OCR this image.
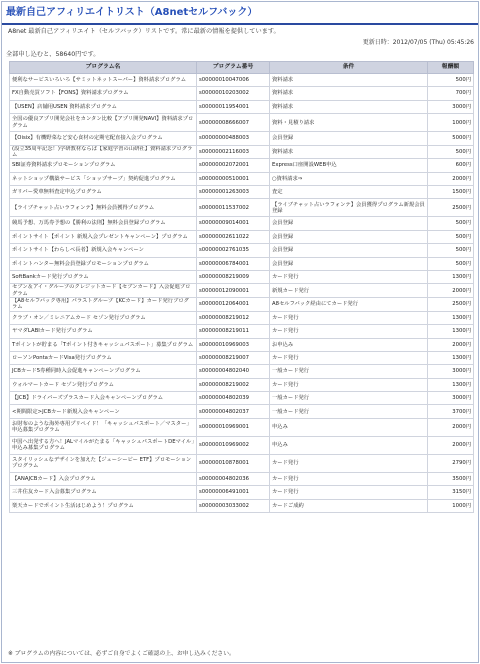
最新自己アフィリエイトリスト（A8netセルフバック）
A8net 最新自己アフィリエイト（セルフバック）リストです。常に最新の情報を提供しています。
更新日時：2012/07/05 (Thu) 05:45:26
全部申し込むと、58640円です。
プログラム名	プログラム番号	条件	報酬額
便利なサービスいろいろ【サミットネットスーパー】資料請求プログラム	s00000010047006	資料請求	500円
FX自動売買ソフト【FONS】資料請求プログラム	s00000010203002	資料請求	700円
【USEN】店舗用USEN 資料請求プログラム	s00000011954001	資料請求	3000円
全国の優良アプリ開発会社をカンタン比較【アプリ開発NAVI】資料請求プログラム	s00000008666007	資料・見積り請求	1000円
【Oisix】有機野菜など安心食材の定期宅配直接入会プログラム	s00000000488003	会員登録	5000円
(設立35周年記念！)学研教材ならば【家庭学習の山研社】資料請求プログラム	s00000002116003	資料請求	500円
SBI証券資料請求プロモーションプログラム	s00000002072001	Express口座開設WEB申込	600円
ネットショップ構築サービス「ショップサーブ」契約促進プログラム	s00000000510001	○資料請求⇒	2000円
ガリバー愛車無料査定申込プログラム	s00000001263003	査定	1500円
【ライブチャット占いラフォンテ】無料会員獲得プログラム	s00000011537002	【ライブチャット占いラフォンテ】会員獲得プログラム新規会員登録	2500円
競馬予想、万馬券予想の【勝利の法則】無料会員登録プログラム	s00000009014001	会員登録	500円
ポイントサイト【ポイント 新規入会プレゼントキャンペーン】プログラム	s00000002611022	会員登録	500円
ポイントサイト【わらしべ長者】新規入会キャンペーン	s00000002761035	会員登録	500円
ポイントハンター無料会員登録プロモーションプログラム	s00000006784001	会員登録	500円
SoftBankカード発行プログラム	s00000008219009	カード発行	1300円
セブン＆アイ・グループのクレジットカード【セブンカード】入会促進プログラム	s00000012090001	新規カード発行	2000円
【A8セルフバック専用】パラストグループ【KCカード】カード発行プログラム	s00000012064001	A8セルフバック経由にてカード発行	2500円
クラブ・オン／ミレニアムカード セゾン発行プログラム	s00000008219012	カード発行	1300円
ヤマダLABIカード発行プログラム	s00000008219011	カード発行	1300円
Tポイントが貯まる「Tポイント付きキャッシュパスポート」募集プログラム	s00000010969003	お申込み	2000円
ローソンPontaカードVisa発行プログラム	s00000008219007	カード発行	1300円
JCBカード5券種同時入会促進キャンペーンプログラム	s00000004802040	一般カード発行	3000円
ウォルマートカード セゾン発行プログラム	s00000008219002	カード発行	1300円
【JCB】ドライバーズプラスカード入会キャンペーンプログラム	s00000004802039	一般カード発行	3000円
<期間限定>JCBカード新規入会キャンペーン	s00000004802037	一般カード発行	3700円
お財布のような海外専用プリペイド！「キャッシュパスポート／マスター」申込募集プログラム	s00000010969001	申込み	2000円
中国へ出発する方へ！JALマイルがたまる「キャッシュパスポートDEマイル」申込み募集プログラム	s00000010969002	申込み	2000円
スタイリッシュなデザインを加えた【ジェーシービー ETF】プロモーションプログラム	s00000010878001	カード発行	2790円
【ANAJCBカード】入会プログラム	s00000004802036	カード発行	3500円
三井住友カード入会募集プログラム	s00000006491001	カード発行	3150円
楽天カードでポイント生活はじめよう！プログラム	s00000003033002	カードご成約	1000円
※ プログラムの内容については、必ずご自身でよくご確認の上、お申し込みください。
